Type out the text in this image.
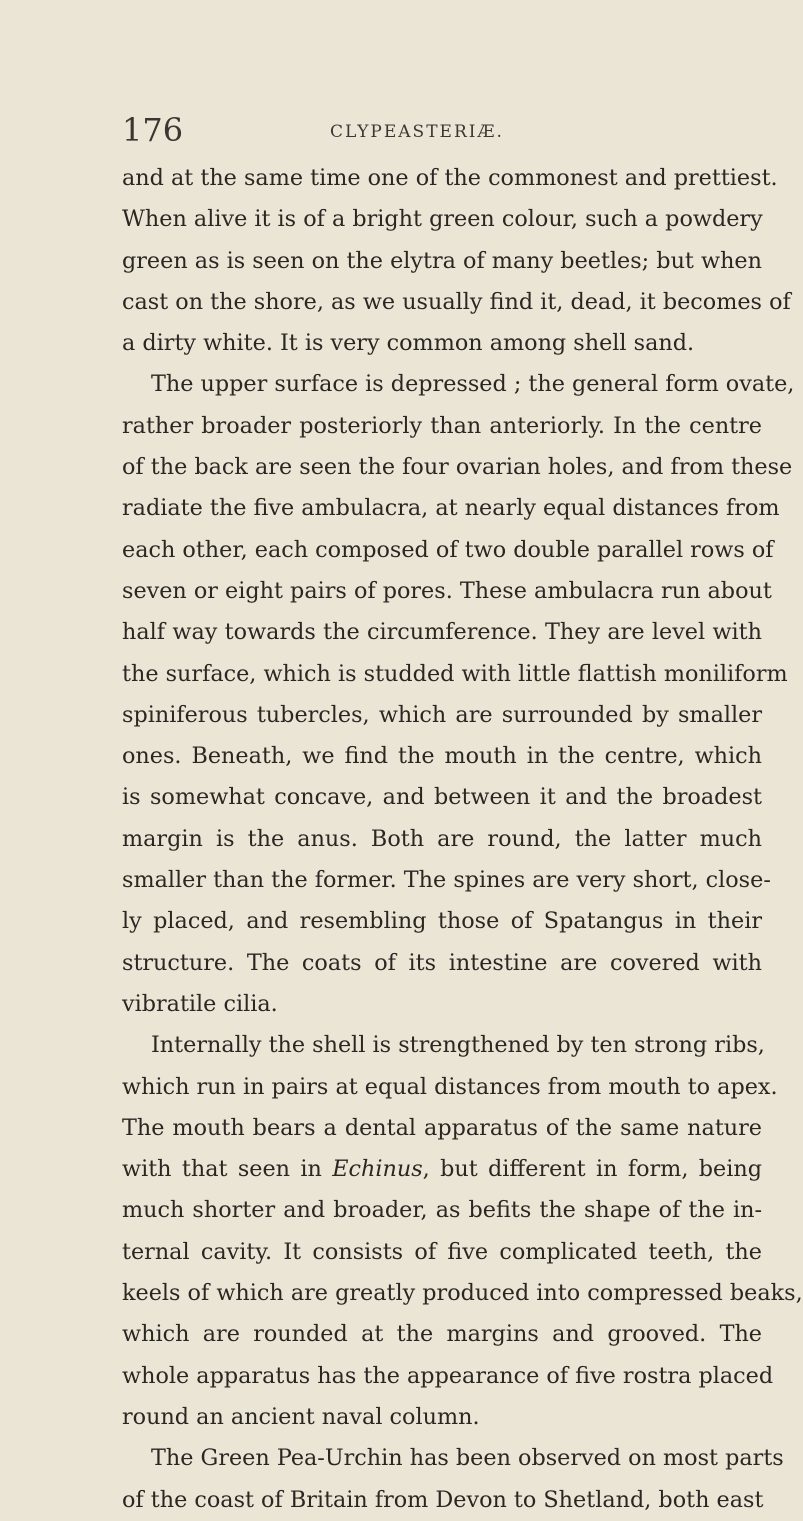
176	CLYPEASTERIÆ.

and at the same time one of the commonest and prettiest.
When alive it is of a bright green colour, such a powdery
green as is seen on the elytra of many beetles; but when
cast on the shore, as we usually find it, dead, it becomes of
a dirty white. It is very common among shell sand.

The upper surface is depressed ; the general form ovate,
rather broader posteriorly than anteriorly. In the centre
of the back are seen the four ovarian holes, and from these
radiate the five ambulacra, at nearly equal distances from
each other, each composed of two double parallel rows of
seven or eight pairs of pores. These ambulacra run about
half way towards the circumference. They are level with
the surface, which is studded with little flattish moniliform
spiniferous tubercles, which are surrounded by smaller
ones. Beneath, we find the mouth in the centre, which
is somewhat concave, and between it and the broadest
margin is the anus. Both are round, the latter much
smaller than the former. The spines are very short, close-
ly placed, and resembling those of Spatangus in their
structure. The coats of its intestine are covered with
vibratile cilia.

Internally the shell is strengthened by ten strong ribs,
which run in pairs at equal distances from mouth to apex.
The mouth bears a dental apparatus of the same nature
with that seen in Echinus, but different in form, being
much shorter and broader, as befits the shape of the in-
ternal cavity. It consists of five complicated teeth, the
keels of which are greatly produced into compressed beaks,
which are rounded at the margins and grooved. The
whole apparatus has the appearance of five rostra placed
round an ancient naval column.

The Green Pea-Urchin has been observed on most parts
of the coast of Britain from Devon to Shetland, both east
